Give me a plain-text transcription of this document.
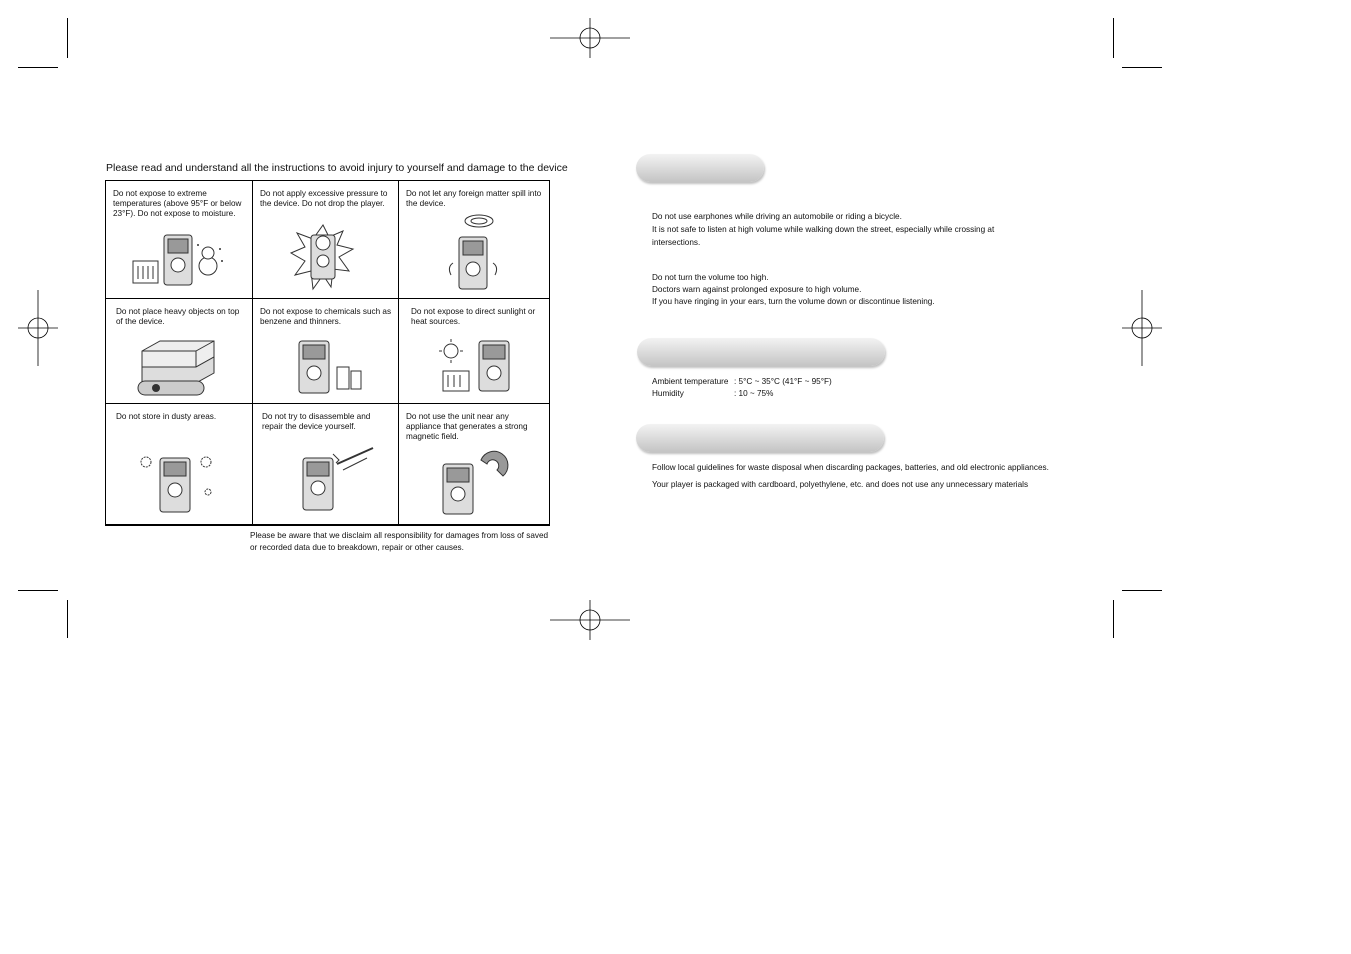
Please read and understand all the instructions to avoid injury to yourself and damage to the device
Do not expose to extreme temperatures (above 95°F or below 23°F). Do not expose to moisture.
Do not apply excessive pressure to the device. Do not drop the player.
Do not let any foreign matter spill into the device.
Do not place heavy objects on top of the device.
Do not expose to chemicals such as benzene and thinners.
Do not expose to direct sunlight or heat sources.
Do not store in dusty areas.	Do not try to disassemble and repair the device yourself.
Do not use the unit near any appliance that generates a strong magnetic field.
Please be aware that we disclaim all responsibility for damages from loss of saved or recorded data due to breakdown, repair or other causes.
Do not use earphones while driving an automobile or riding a bicycle.
It is not safe to listen at high volume while walking down the street, especially while crossing at
intersections.
Do not turn the volume too high.
Doctors warn against prolonged exposure to high volume.
If you have ringing in your ears, turn the volume down or discontinue listening.
Ambient temperature : 5°C ~ 35°C (41°F ~ 95°F)
Humidity	: 10 ~ 75%
Follow local guidelines for waste disposal when discarding packages, batteries, and old electronic appliances.
Your player is packaged with cardboard, polyethylene, etc. and does not use any unnecessary materials
